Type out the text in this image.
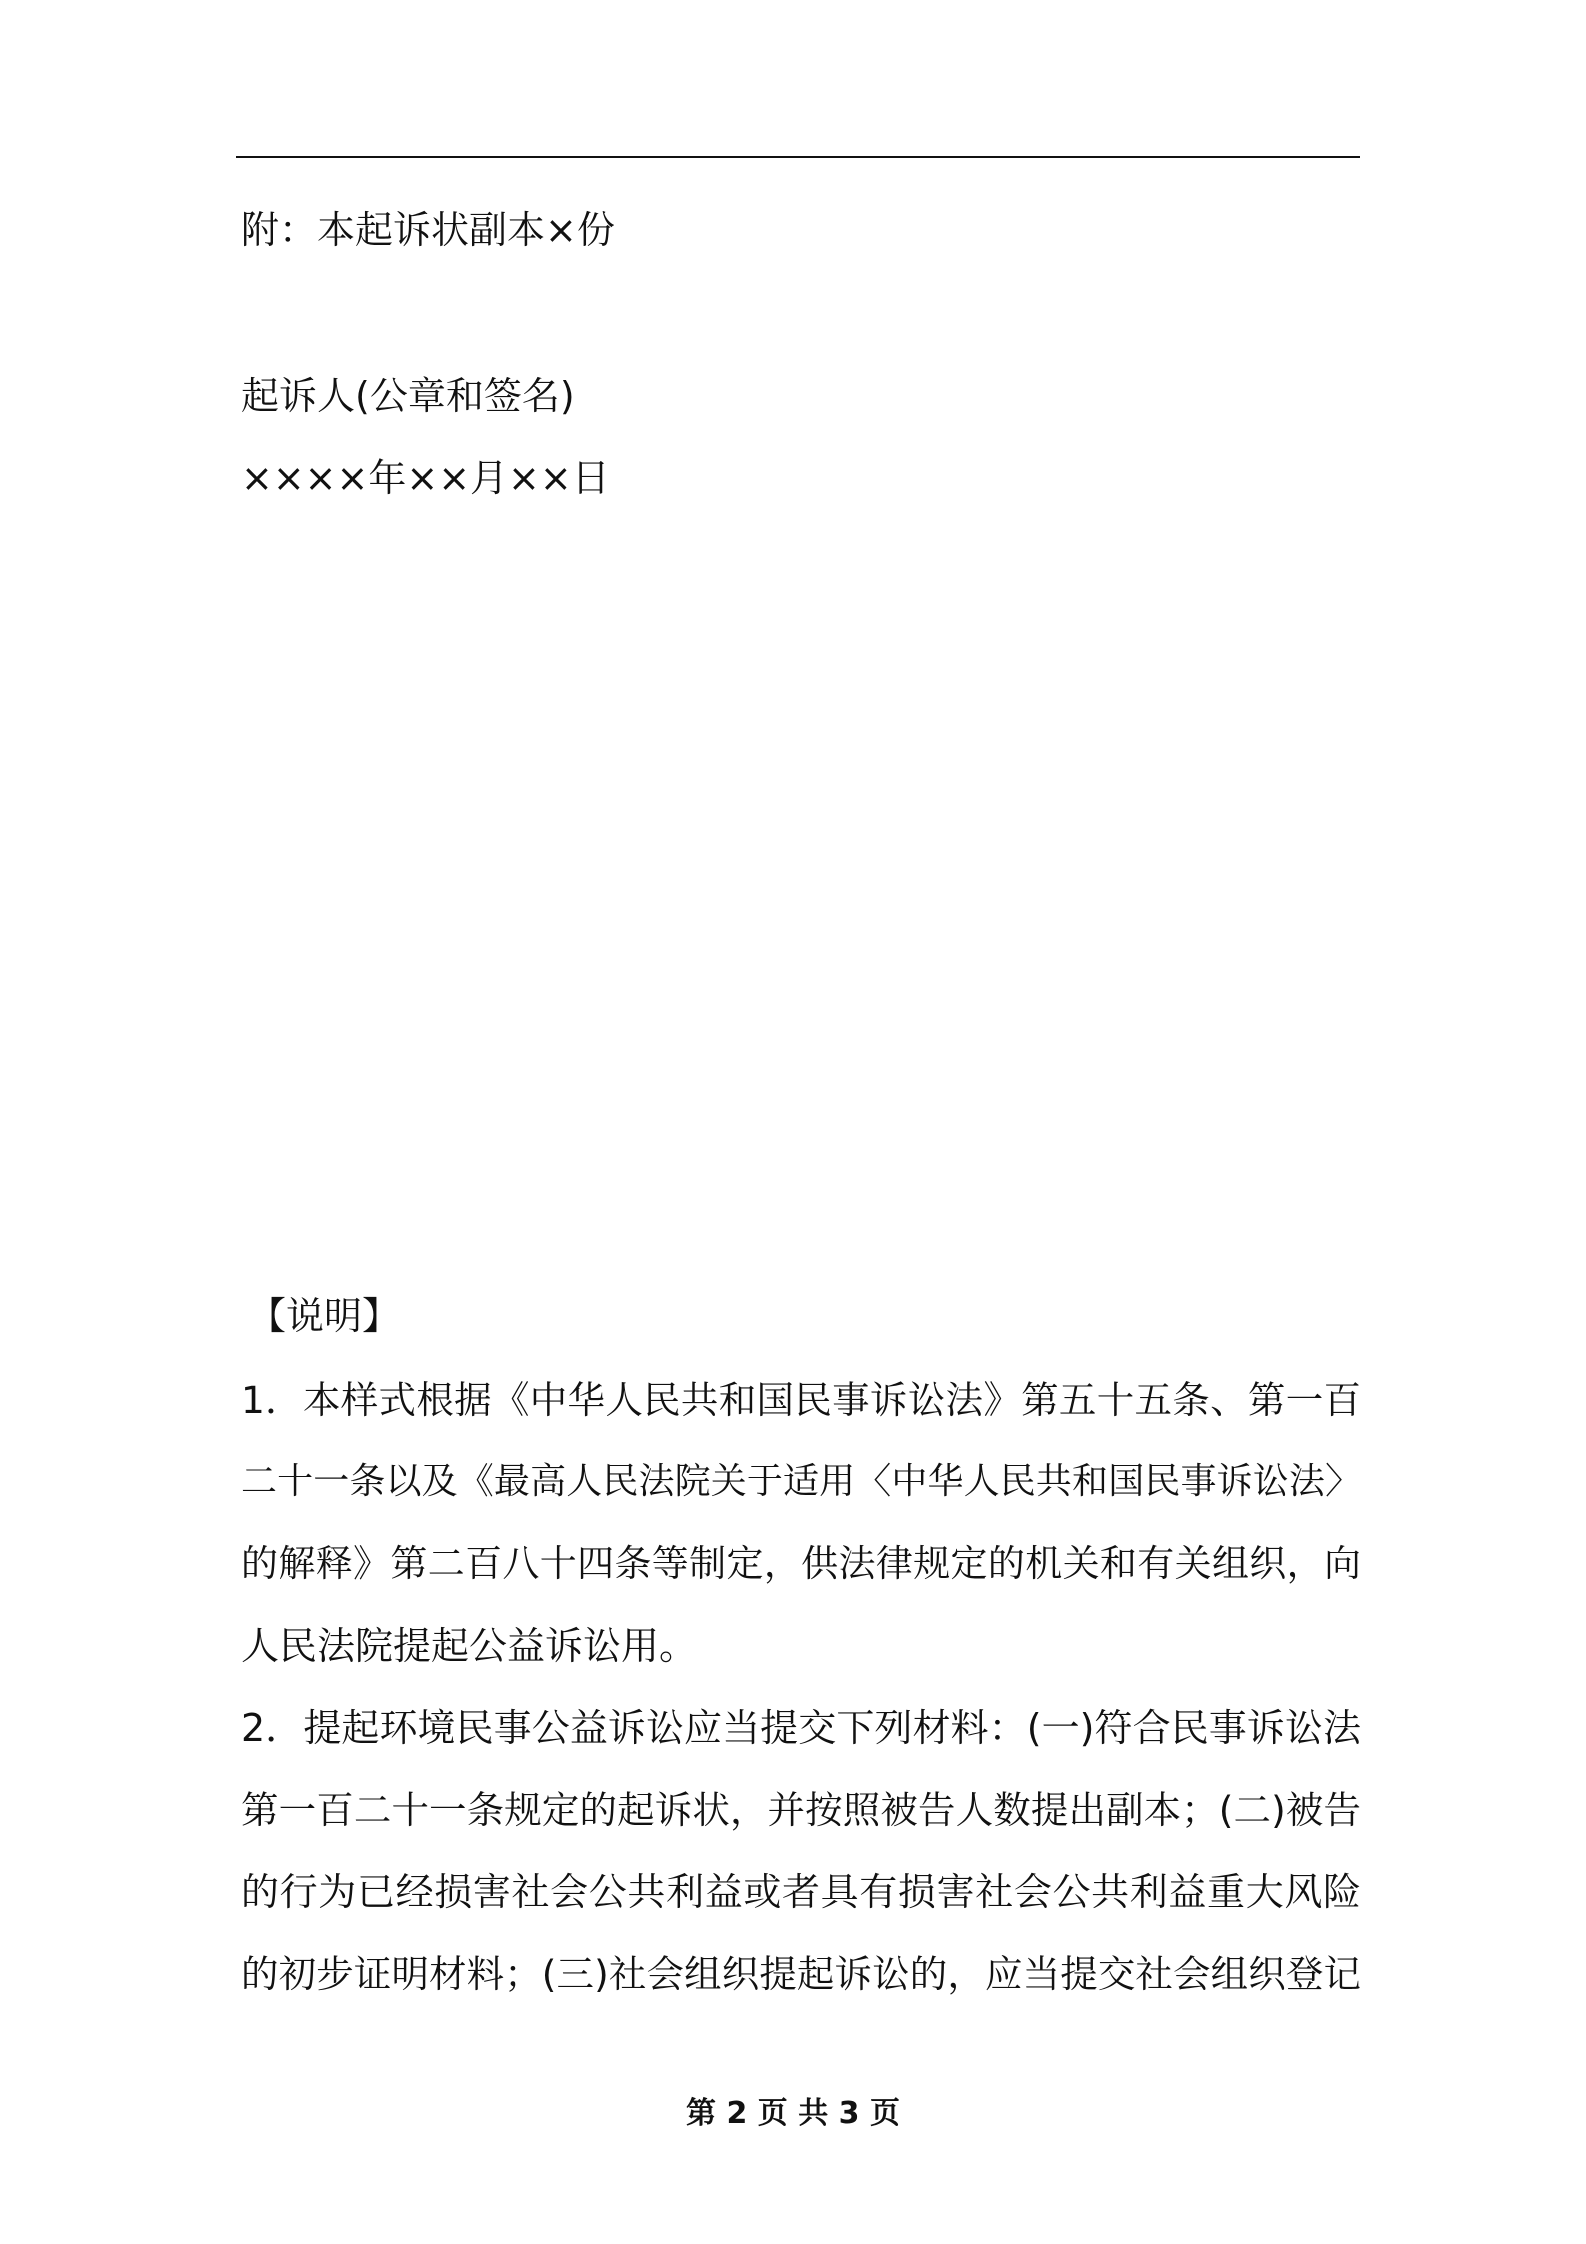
附：本起诉状副本×份
起诉人(公章和签名)
××××年××月××日
【说明】
1．本样式根据《中华人民共和国民事诉讼法》第五十五条、第一百
二十一条以及《最高人民法院关于适用〈中华人民共和国民事诉讼法〉
的解释》第二百八十四条等制定，供法律规定的机关和有关组织，向
人民法院提起公益诉讼用。
2．提起环境民事公益诉讼应当提交下列材料：(一)符合民事诉讼法
第一百二十一条规定的起诉状，并按照被告人数提出副本；(二)被告
的行为已经损害社会公共利益或者具有损害社会公共利益重大风险
的初步证明材料；(三)社会组织提起诉讼的，应当提交社会组织登记
第 2 页 共 3 页
